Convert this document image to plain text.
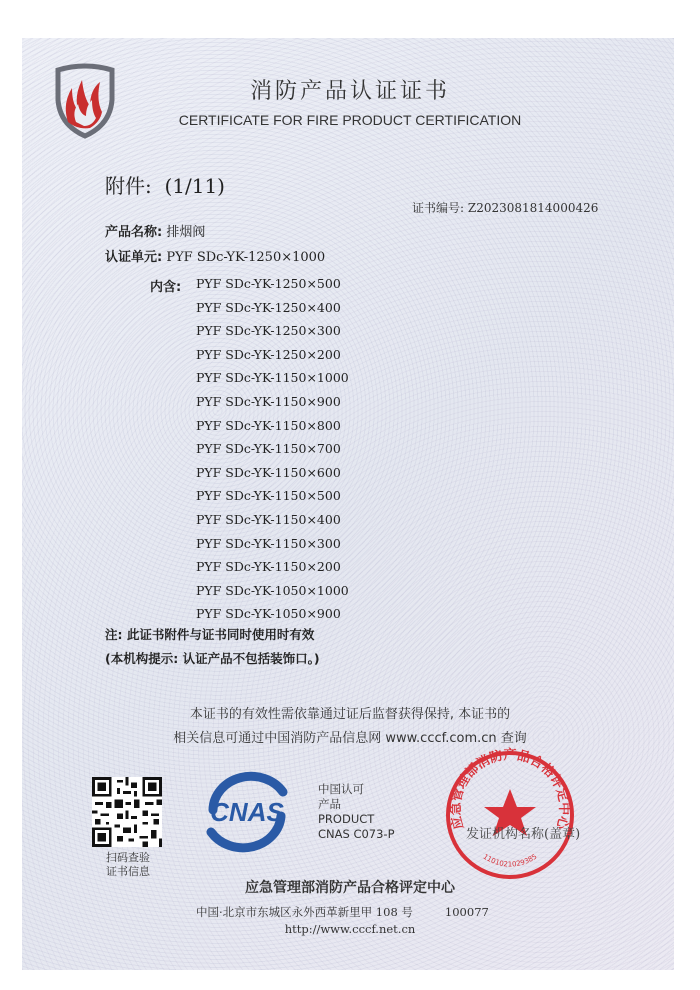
消防产品认证证书
CERTIFICATE FOR FIRE PRODUCT CERTIFICATION
附件: (1/11)
证书编号: Z2023081814000426
产品名称: 排烟阀
认证单元: PYF SDc-YK-1250×1000
内含: PYF SDc-YK-1250×500
PYF SDc-YK-1250×400
PYF SDc-YK-1250×300
PYF SDc-YK-1250×200
PYF SDc-YK-1150×1000
PYF SDc-YK-1150×900
PYF SDc-YK-1150×800
PYF SDc-YK-1150×700
PYF SDc-YK-1150×600
PYF SDc-YK-1150×500
PYF SDc-YK-1150×400
PYF SDc-YK-1150×300
PYF SDc-YK-1150×200
PYF SDc-YK-1050×1000
PYF SDc-YK-1050×900
注: 此证书附件与证书同时使用时有效
(本机构提示: 认证产品不包括装饰口。)
本证书的有效性需依靠通过证后监督获得保持, 本证书的
相关信息可通过中国消防产品信息网 www.cccf.com.cn 查询
扫码查验
证书信息
CNAS
中国认可
产品
PRODUCT
CNAS C073-P
应急管理部消防产品合格评定中心
1101021029385
发证机构名称(盖章)
应急管理部消防产品合格评定中心
中国·北京市东城区永外西革新里甲 108 号	100077
http://www.cccf.net.cn
